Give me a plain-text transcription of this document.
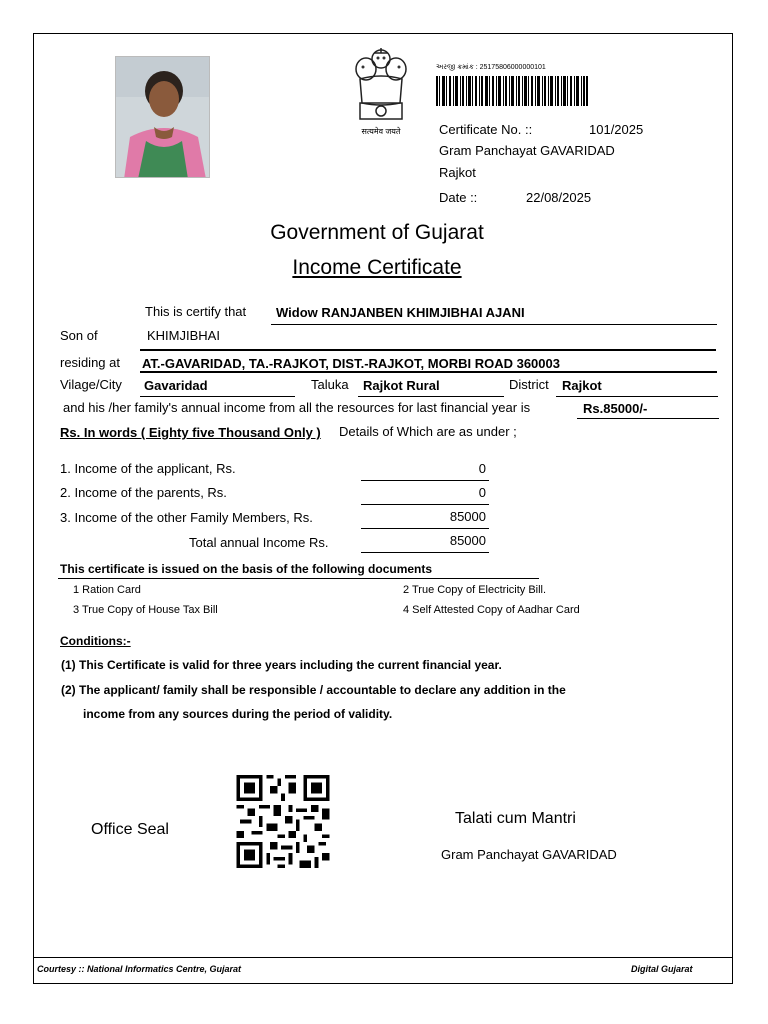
सत्यमेव जयते
અરજી ક્રમાંક : 25175806000000101
Certificate No. ::	101/2025
Gram Panchayat GAVARIDAD
Rajkot
Date ::	22/08/2025
Government of Gujarat
Income Certificate
This is certify that Widow RANJANBEN KHIMJIBHAI AJANI
Son of	KHIMJIBHAI
residing at AT.-GAVARIDAD, TA.-RAJKOT, DIST.-RAJKOT, MORBI ROAD 360003
Vilage/City Gavaridad	Taluka Rajkot Rural	District Rajkot
and his /her family's annual income from all the resources for last financial year is	Rs.85000/-
Rs. In words ( Eighty five Thousand Only ) Details of Which are as under ;
1. Income of the applicant, Rs.	0
2. Income of the parents, Rs.	0
3. Income of the other Family Members, Rs.	85000
Total annual Income Rs.	85000
This certificate is issued on the basis of the following documents
1 Ration Card	2 True Copy of Electricity Bill.
3 True Copy of House Tax Bill	4 Self Attested Copy of Aadhar Card
Conditions:-
(1) This Certificate is valid for three years including the current financial year.
(2) The applicant/ family shall be responsible / accountable to declare any addition in the
income from any sources during the period of validity.
Office Seal
Talati cum Mantri
Gram Panchayat GAVARIDAD
Courtesy :: National Informatics Centre, Gujarat	Digital Gujarat
